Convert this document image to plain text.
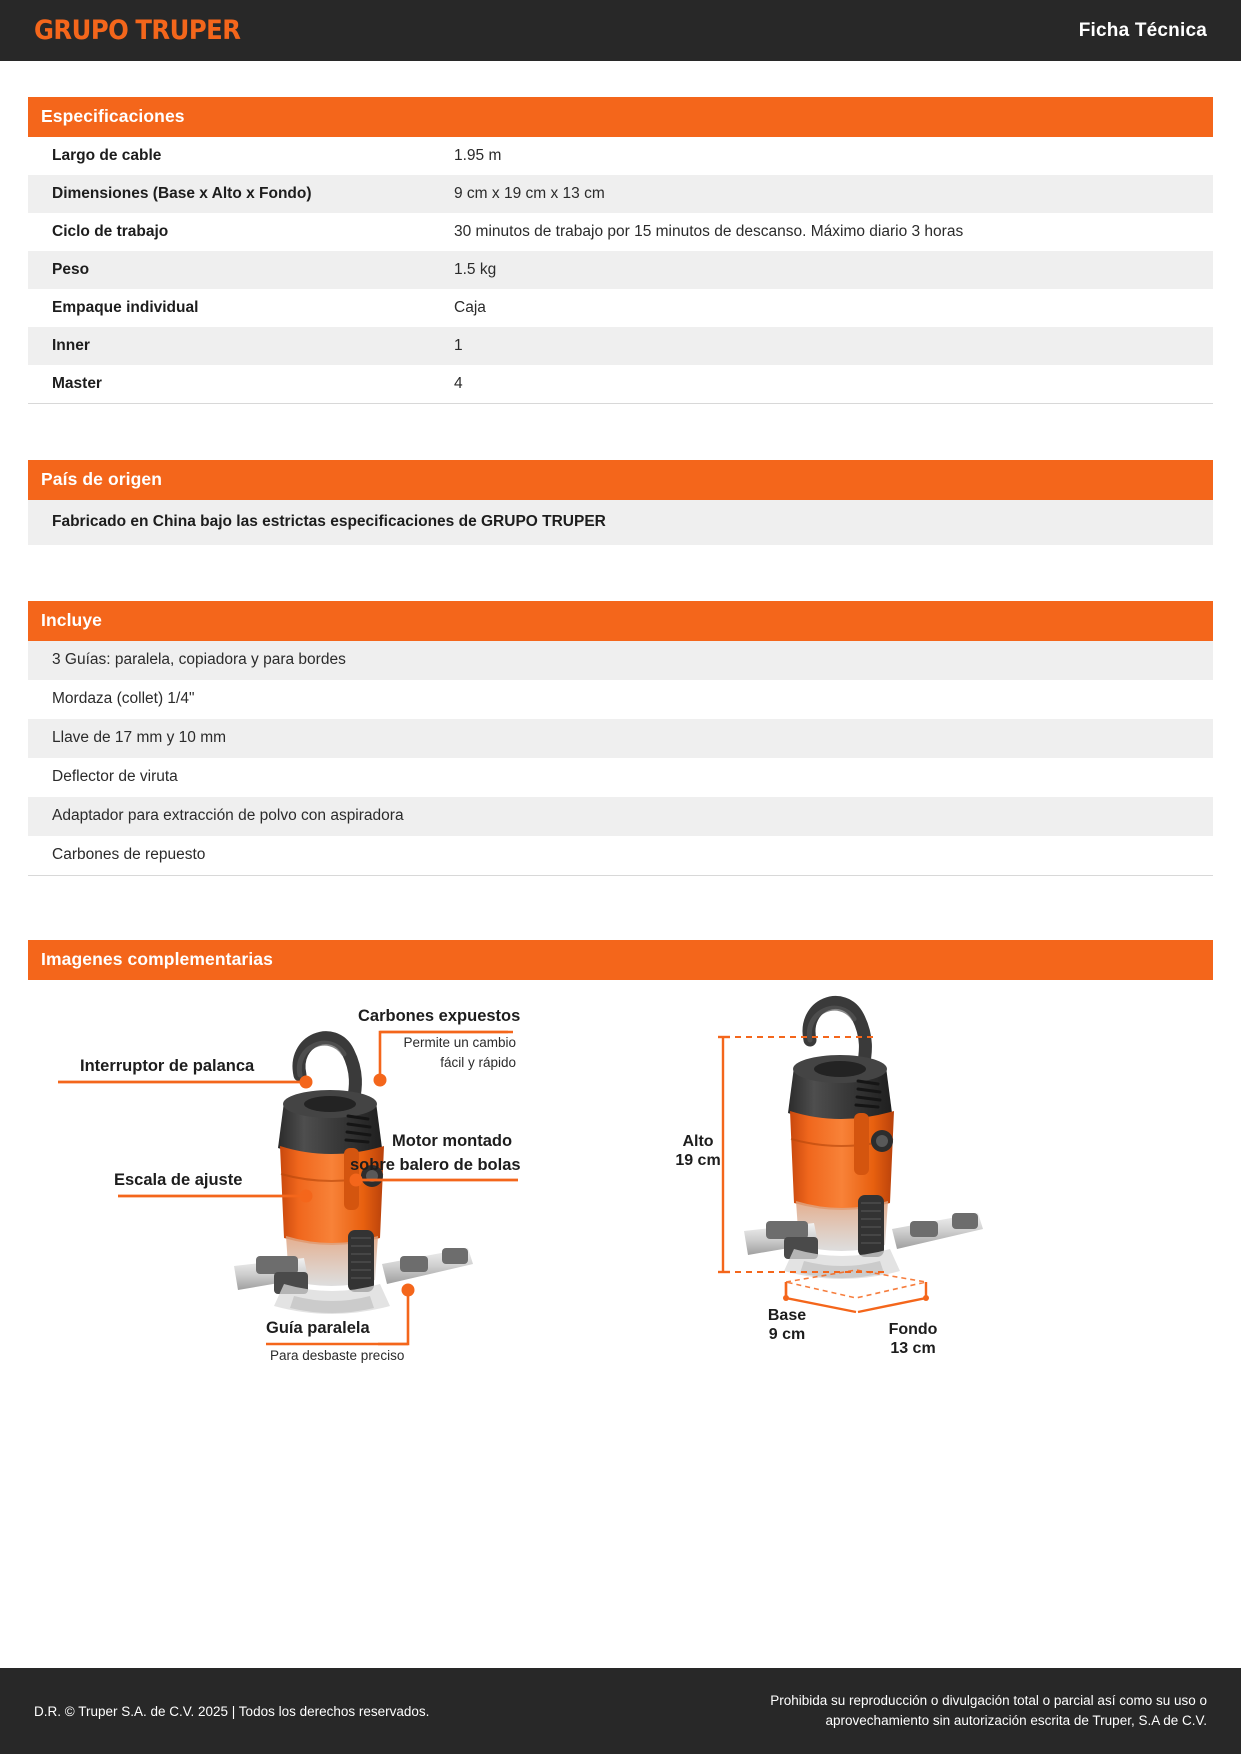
GRUPO TRUPER	Ficha Técnica
Especificaciones
Largo de cable	1.95 m
Dimensiones (Base x Alto x Fondo)	9 cm x 19 cm x 13 cm
Ciclo de trabajo	30 minutos de trabajo por 15 minutos de descanso. Máximo diario 3 horas
Peso	1.5 kg
Empaque individual	Caja
Inner	1
Master	4
País de origen
Fabricado en China bajo las estrictas especificaciones de GRUPO TRUPER
Incluye
3 Guías: paralela, copiadora y para bordes
Mordaza (collet) 1/4"
Llave de 17 mm y 10 mm
Deflector de viruta
Adaptador para extracción de polvo con aspiradora
Carbones de repuesto
Imagenes complementarias
Carbones expuestos
Permite un cambio
fácil y rápido
Interruptor de palanca
Motor montado
sobre balero de bolas
Escala de ajuste
Guía paralela
Para desbaste preciso
Alto
19 cm
Base
9 cm	Fondo
13 cm
D.R. © Truper S.A. de C.V. 2025 | Todos los derechos reservados.
Prohibida su reproducción o divulgación total o parcial así como su uso o
aprovechamiento sin autorización escrita de Truper, S.A de C.V.
